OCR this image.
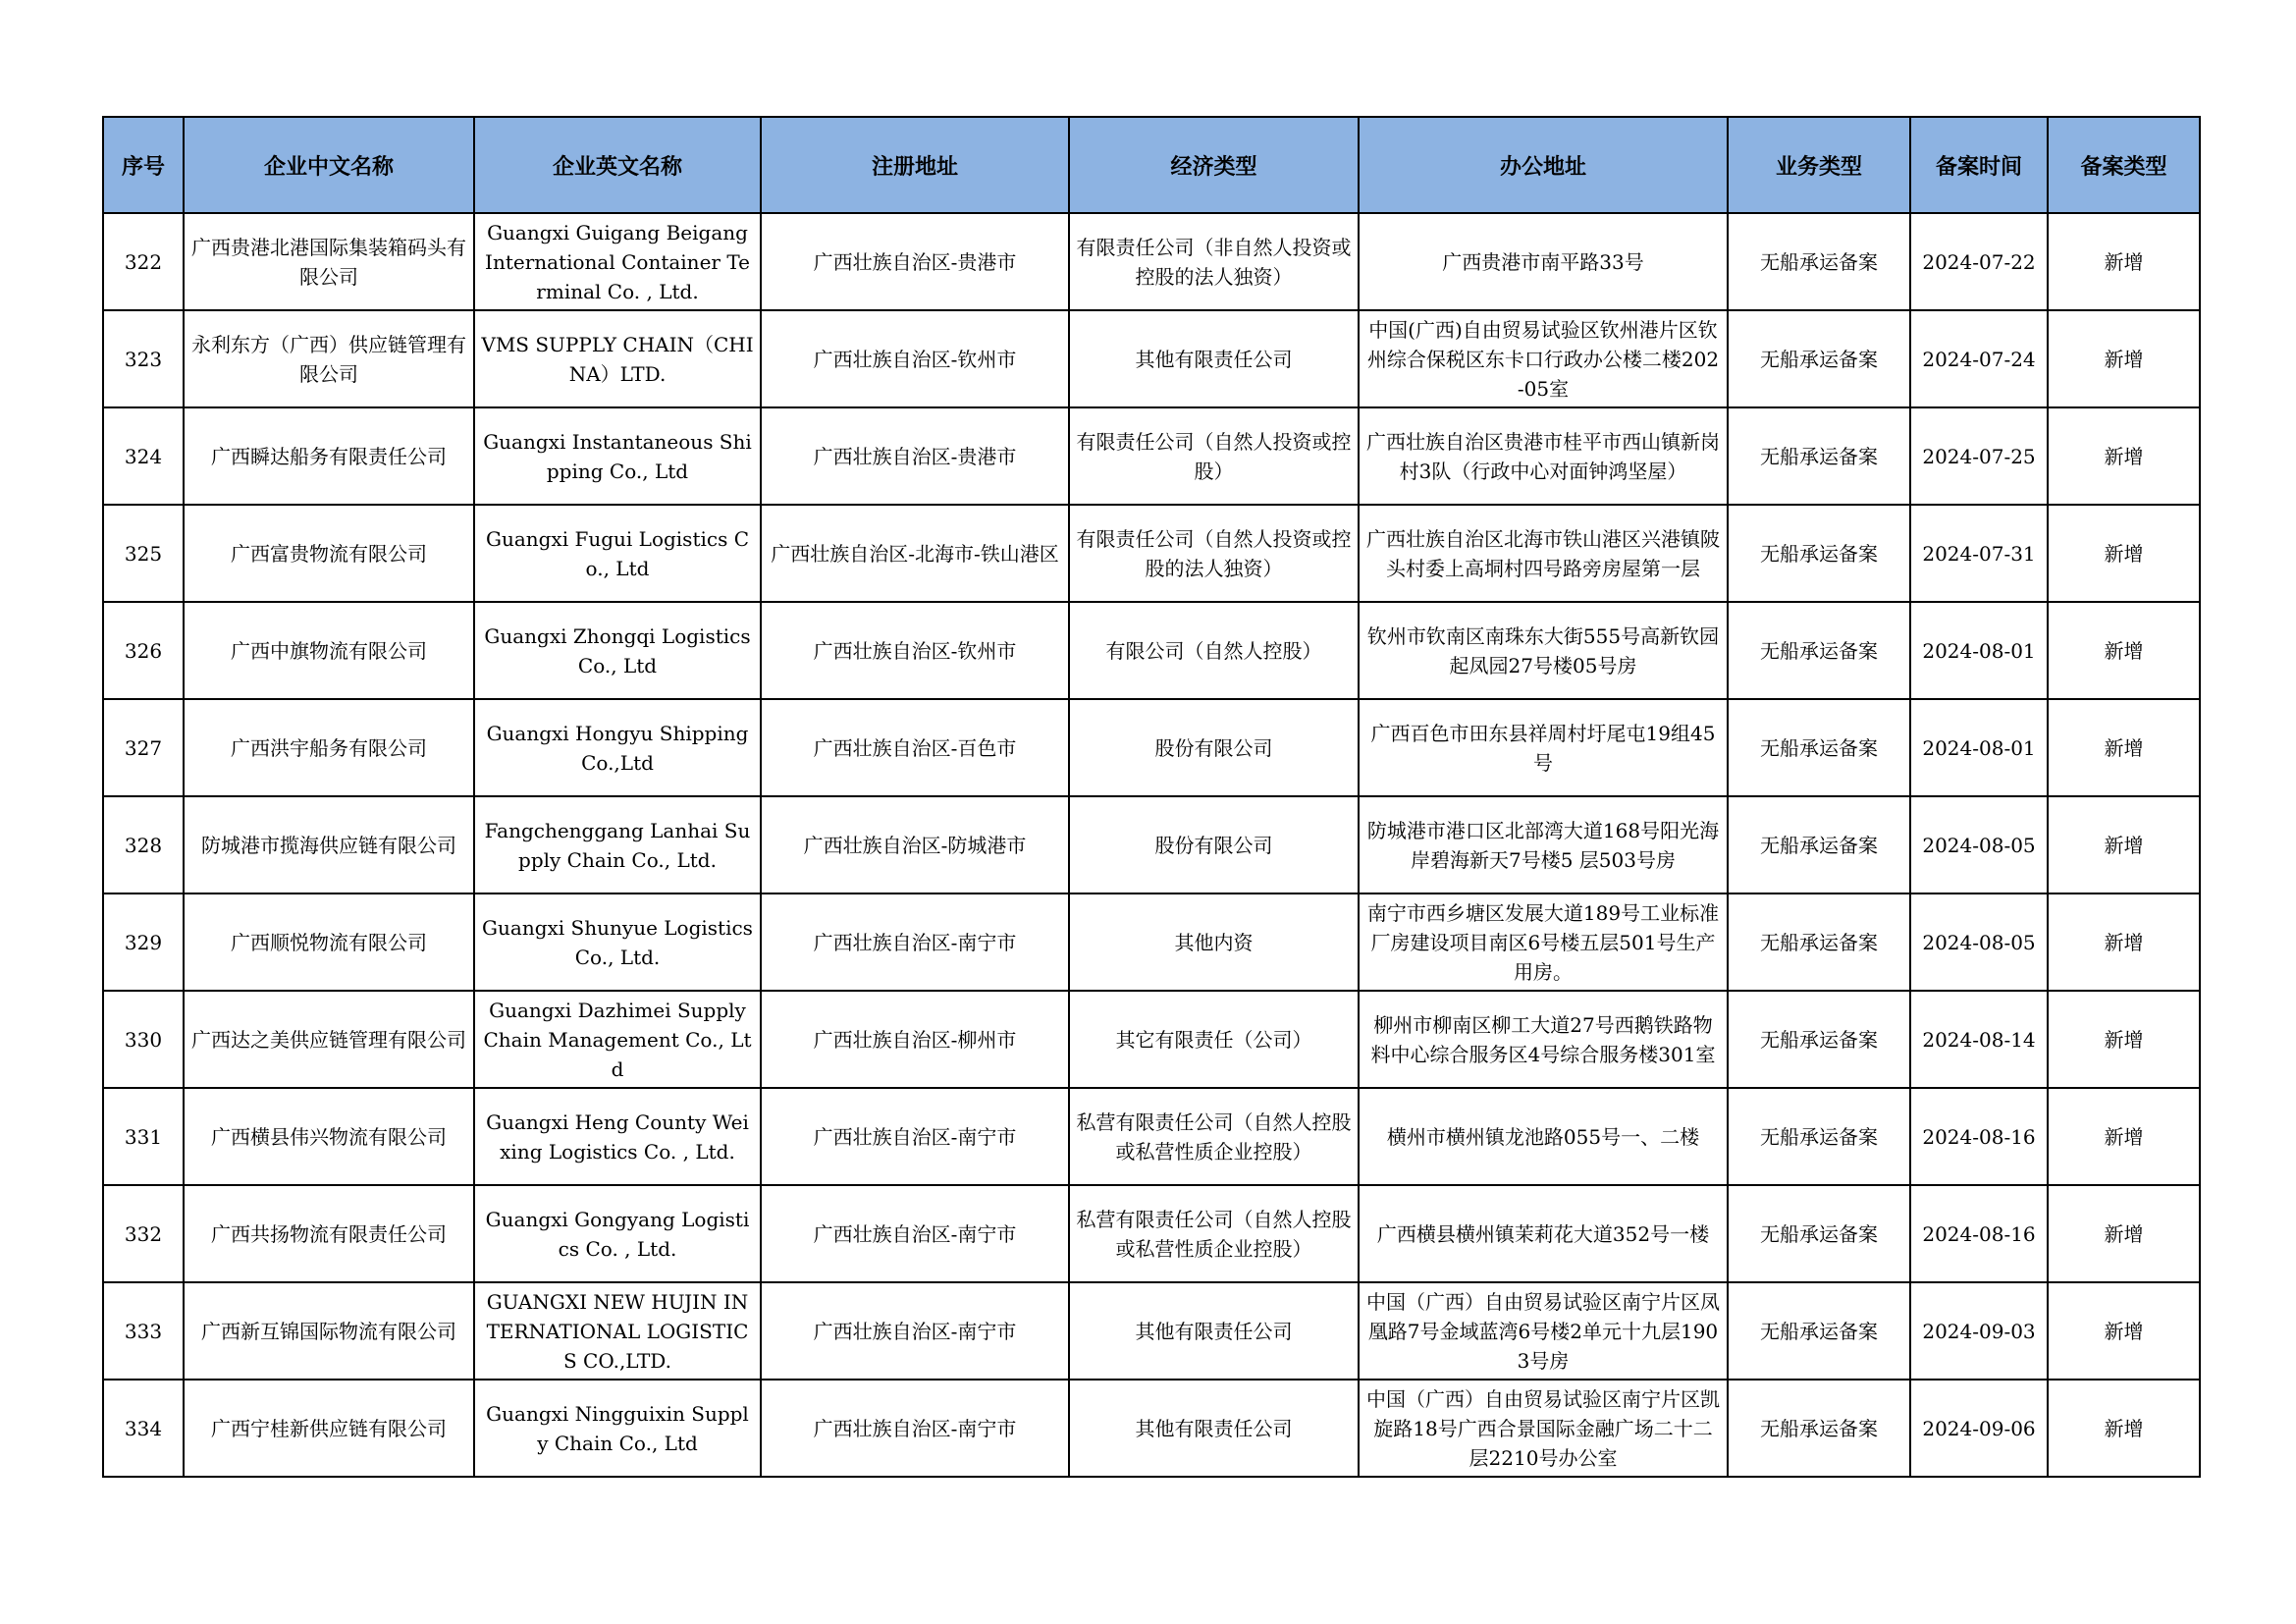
序号	企业中文名称	企业英文名称	注册地址	经济类型	办公地址	业务类型	备案时间	备案类型
322	广西贵港北港国际集装箱码头有限公司	Guangxi Guigang Beigang International Container Terminal Co. , Ltd.	广西壮族自治区-贵港市	有限责任公司（非自然人投资或控股的法人独资）	广西贵港市南平路33号	无船承运备案	2024-07-22	新增
323	永利东方（广西）供应链管理有限公司	VMS SUPPLY CHAIN（CHINA）LTD.	广西壮族自治区-钦州市	其他有限责任公司	中国(广西)自由贸易试验区钦州港片区钦州综合保税区东卡口行政办公楼二楼202 -05室	无船承运备案	2024-07-24	新增
324	广西瞬达船务有限责任公司	Guangxi Instantaneous Shipping Co., Ltd	广西壮族自治区-贵港市	有限责任公司（自然人投资或控股）	广西壮族自治区贵港市桂平市西山镇新岗村3队（行政中心对面钟鸿坚屋）	无船承运备案	2024-07-25	新增
325	广西富贵物流有限公司	Guangxi Fugui Logistics Co., Ltd	广西壮族自治区-北海市-铁山港区	有限责任公司（自然人投资或控股的法人独资）	广西壮族自治区北海市铁山港区兴港镇陂头村委上高垌村四号路旁房屋第一层	无船承运备案	2024-07-31	新增
326	广西中旗物流有限公司	Guangxi Zhongqi Logistics Co., Ltd	广西壮族自治区-钦州市	有限公司（自然人控股）	钦州市钦南区南珠东大街555号高新钦园起凤园27号楼05号房	无船承运备案	2024-08-01	新增
327	广西洪宇船务有限公司	Guangxi Hongyu Shipping Co.,Ltd	广西壮族自治区-百色市	股份有限公司	广西百色市田东县祥周村圩尾屯19组45号	无船承运备案	2024-08-01	新增
328	防城港市揽海供应链有限公司	Fangchenggang Lanhai Supply Chain Co., Ltd.	广西壮族自治区-防城港市	股份有限公司	防城港市港口区北部湾大道168号阳光海岸碧海新天7号楼5 层503号房	无船承运备案	2024-08-05	新增
329	广西顺悦物流有限公司	Guangxi Shunyue Logistics Co., Ltd.	广西壮族自治区-南宁市	其他内资	南宁市西乡塘区发展大道189号工业标准厂房建设项目南区6号楼五层501号生产用房。	无船承运备案	2024-08-05	新增
330	广西达之美供应链管理有限公司	Guangxi Dazhimei Supply Chain Management Co., Ltd	广西壮族自治区-柳州市	其它有限责任（公司）	柳州市柳南区柳工大道27号西鹅铁路物料中心综合服务区4号综合服务楼301室	无船承运备案	2024-08-14	新增
331	广西横县伟兴物流有限公司	Guangxi Heng County Weixing Logistics Co. , Ltd.	广西壮族自治区-南宁市	私营有限责任公司（自然人控股或私营性质企业控股）	横州市横州镇龙池路055号一、二楼	无船承运备案	2024-08-16	新增
332	广西共扬物流有限责任公司	Guangxi Gongyang Logistics Co. , Ltd.	广西壮族自治区-南宁市	私营有限责任公司（自然人控股或私营性质企业控股）	广西横县横州镇茉莉花大道352号一楼	无船承运备案	2024-08-16	新增
333	广西新互锦国际物流有限公司	GUANGXI NEW HUJIN INTERNATIONAL LOGISTICS CO.,LTD.	广西壮族自治区-南宁市	其他有限责任公司	中国（广西）自由贸易试验区南宁片区凤凰路7号金域蓝湾6号楼2单元十九层1903号房	无船承运备案	2024-09-03	新增
334	广西宁桂新供应链有限公司	Guangxi Ningguixin Supply Chain Co., Ltd	广西壮族自治区-南宁市	其他有限责任公司	中国（广西）自由贸易试验区南宁片区凯旋路18号广西合景国际金融广场二十二层2210号办公室	无船承运备案	2024-09-06	新增
